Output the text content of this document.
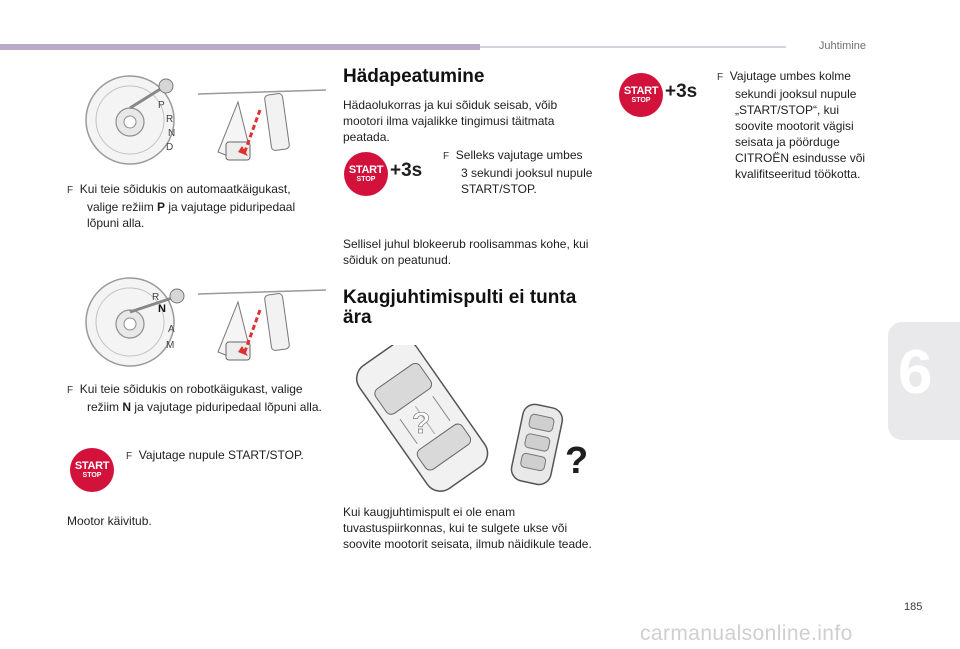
Juhtimine
6
P
R
N
D
F Kui teie sõidukis on automaatkäigukast,
valige režiim P ja vajutage piduripedaal
lõpuni alla.
R
N
A
M
F Kui teie sõidukis on robotkäigukast, valige
režiim N ja vajutage piduripedaal lõpuni alla.
START
STOP
F Vajutage nupule START/STOP.
Mootor käivitub.
Hädapeatumine
Hädaolukorras ja kui sõiduk seisab, võib
mootori ilma vajalikke tingimusi täitmata
peatada.
START
STOP +3s
F Selleks vajutage umbes
3 sekundi jooksul nupule
START/STOP.
Sellisel juhul blokeerub roolisammas kohe, kui
sõiduk on peatunud.
Kaugjuhtimispulti ei tunta
ära
?
?
Kui kaugjuhtimispult ei ole enam
tuvastuspiirkonnas, kui te sulgete ukse või
soovite mootorit seisata, ilmub näidikule teade.
START
STOP +3s
F Vajutage umbes kolme
sekundi jooksul nupule
„START/STOP“, kui
soovite mootorit vägisi
seisata ja pöörduge
CITROËN esindusse või
kvalifitseeritud töökotta.
185
carmanualsonline.info
